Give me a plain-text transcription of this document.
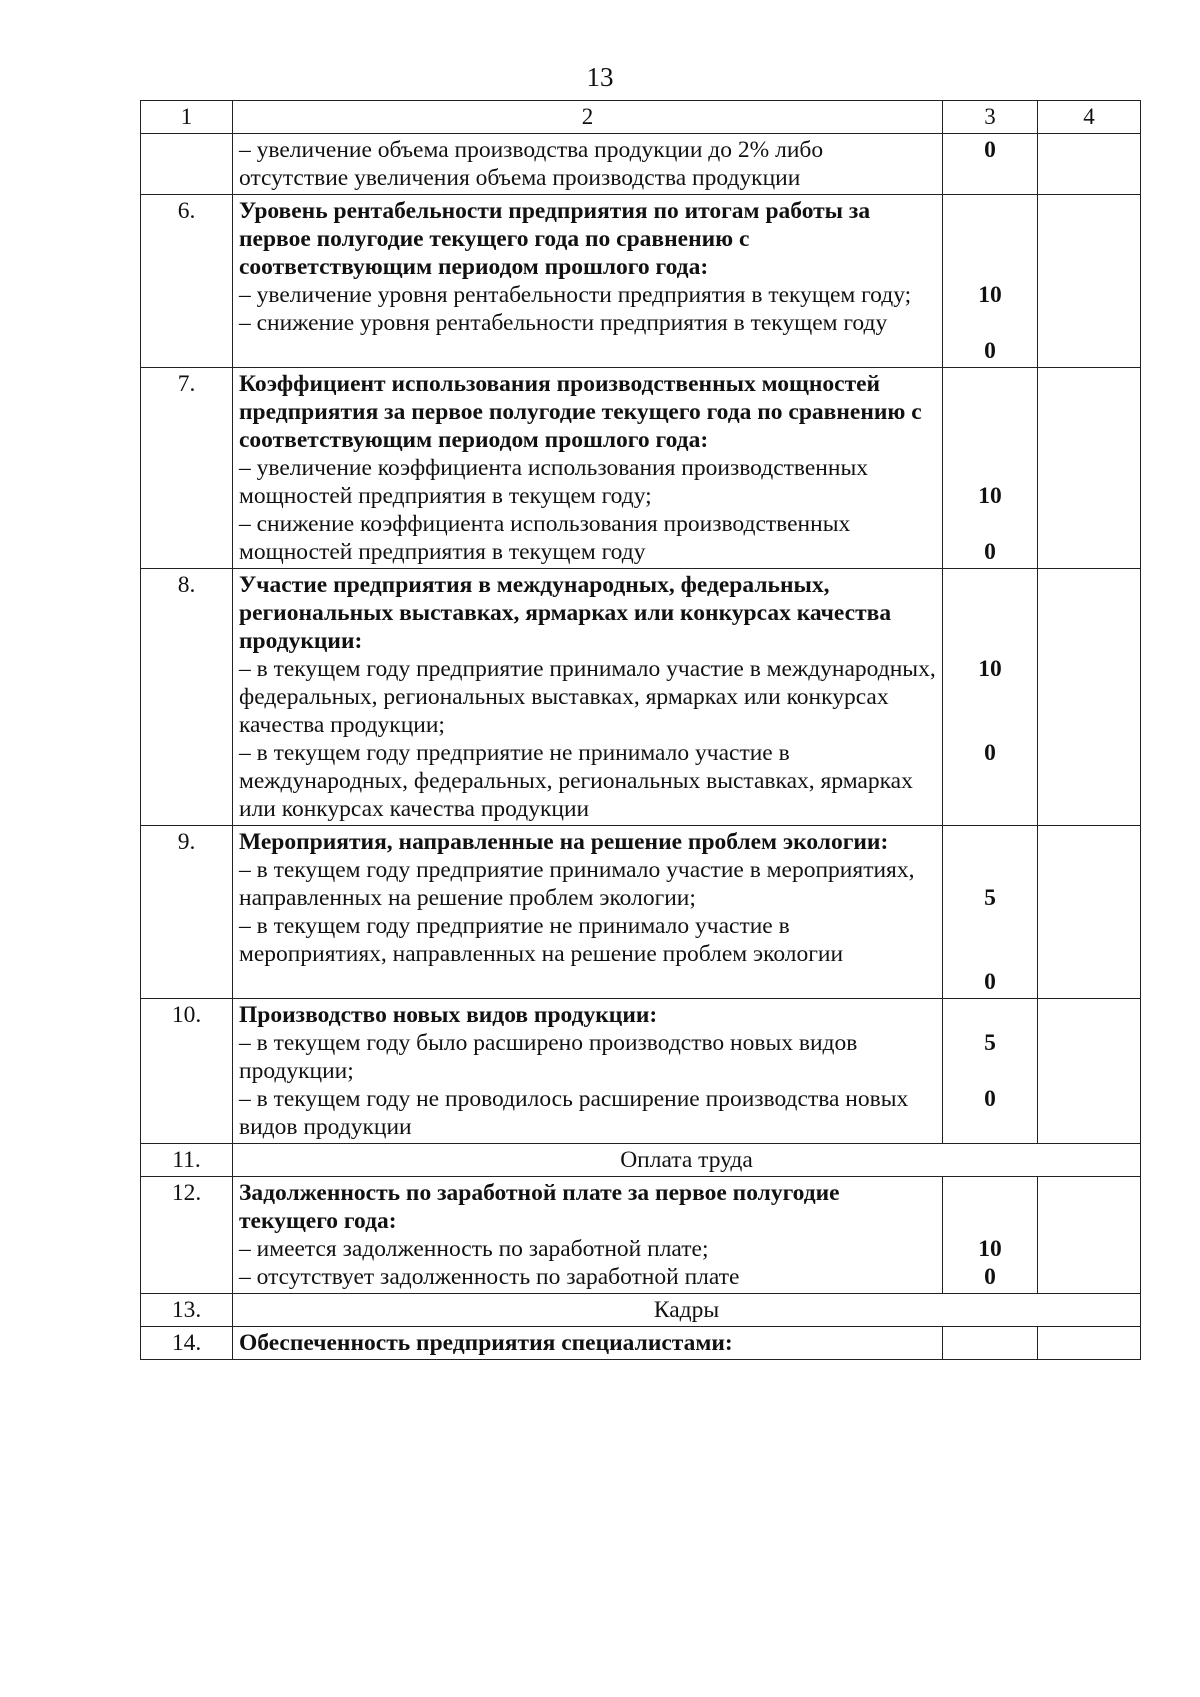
13
1	2	3	4

	– увеличение объема производства продукции до 2% либо отсутствие увеличения объема производства продукции	0	

6.	Уровень рентабельности предприятия по итогам работы за первое полугодие текущего года по сравнению с соответствующим периодом прошлого года:
– увеличение уровня рентабельности предприятия в текущем году;
– снижение уровня рентабельности предприятия в текущем году	10
0	

7.	Коэффициент использования производственных мощностей предприятия за первое полугодие текущего года по сравнению с соответствующим периодом прошлого года:
– увеличение коэффициента использования производственных мощностей предприятия в текущем году;
– снижение коэффициента использования производственных мощностей предприятия в текущем году	10
0	

8.	Участие предприятия в международных, федеральных, региональных выставках, ярмарках или конкурсах качества продукции:
– в текущем году предприятие принимало участие в международных, федеральных, региональных выставках, ярмарках или конкурсах качества продукции;
– в текущем году предприятие не принимало участие в международных, федеральных, региональных выставках, ярмарках или конкурсах качества продукции	10
0	

9.	Мероприятия, направленные на решение проблем экологии:
– в текущем году предприятие принимало участие в мероприятиях, направленных на решение проблем экологии;
– в текущем году предприятие не принимало участие в мероприятиях, направленных на решение проблем экологии	5
0	

10.	Производство новых видов продукции:
– в текущем году было расширено производство новых видов продукции;
– в текущем году не проводилось расширение производства новых видов продукции	5
0	

11.	Оплата труда		
12.	Задолженность по заработной плате за первое полугодие текущего года:
– имеется задолженность по заработной плате;
– отсутствует задолженность по заработной плате	10
0	

13.	Кадры		
14.	Обеспеченность предприятия специалистами:		
